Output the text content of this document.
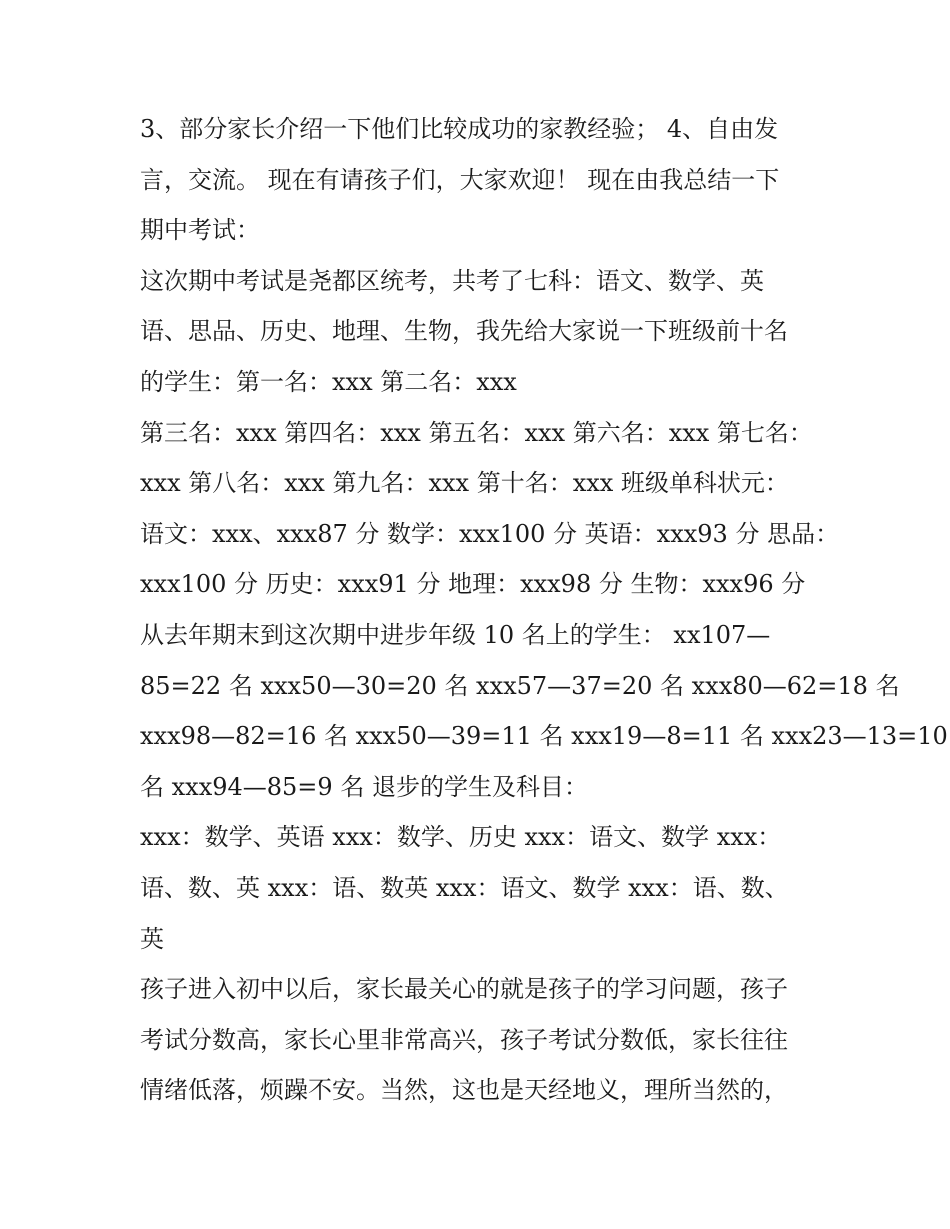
3、部分家长介绍一下他们比较成功的家教经验； 4、自由发
言，交流。 现在有请孩子们，大家欢迎！ 现在由我总结一下
期中考试：
这次期中考试是尧都区统考，共考了七科：语文、数学、英
语、思品、历史、地理、生物，我先给大家说一下班级前十名
的学生：第一名：xxx 第二名：xxx
第三名：xxx 第四名：xxx 第五名：xxx 第六名：xxx 第七名：
xxx 第八名：xxx 第九名：xxx 第十名：xxx 班级单科状元：
语文：xxx、xxx87 分 数学：xxx100 分 英语：xxx93 分 思品：
xxx100 分 历史：xxx91 分 地理：xxx98 分 生物：xxx96 分
从去年期末到这次期中进步年级 10 名上的学生： xx107—
85=22 名 xxx50—30=20 名 xxx57—37=20 名 xxx80—62=18 名
xxx98—82=16 名 xxx50—39=11 名 xxx19—8=11 名 xxx23—13=10
名 xxx94—85=9 名 退步的学生及科目：
xxx：数学、英语 xxx：数学、历史 xxx：语文、数学 xxx：
语、数、英 xxx：语、数英 xxx：语文、数学 xxx：语、数、
英
孩子进入初中以后，家长最关心的就是孩子的学习问题，孩子
考试分数高，家长心里非常高兴，孩子考试分数低，家长往往
情绪低落，烦躁不安。当然，这也是天经地义，理所当然的，
